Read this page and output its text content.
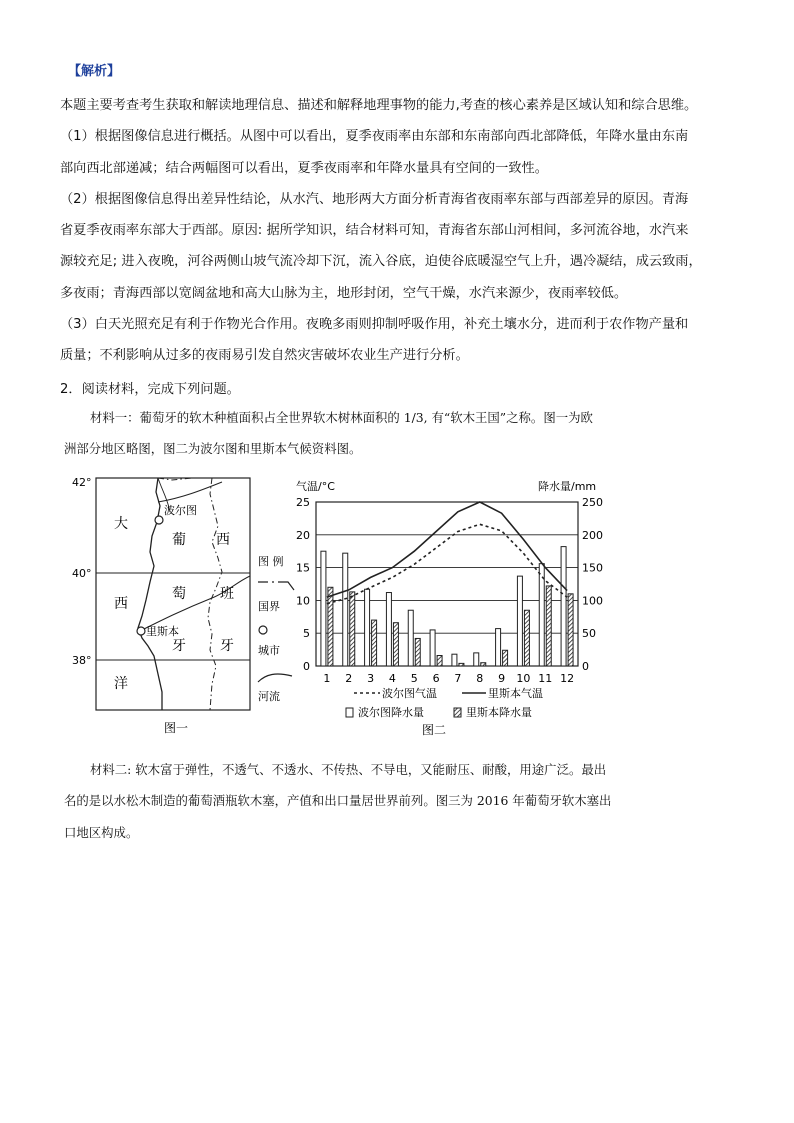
【解析】
本题主要考查考生获取和解读地理信息、描述和解释地理事物的能力,考查的核心素养是区域认知和综合思维。
（1）根据图像信息进行概括。从图中可以看出，夏季夜雨率由东部和东南部向西北部降低，年降水量由东南
部向西北部递减；结合两幅图可以看出，夏季夜雨率和年降水量具有空间的一致性。
（2）根据图像信息得出差异性结论，从水汽、地形两大方面分析青海省夜雨率东部与西部差异的原因。青海
省夏季夜雨率东部大于西部。原因: 据所学知识，结合材料可知，青海省东部山河相间，多河流谷地，水汽来
源较充足; 进入夜晚，河谷两侧山坡气流冷却下沉，流入谷底，迫使谷底暖湿空气上升，遇冷凝结，成云致雨，
多夜雨；青海西部以宽阔盆地和高大山脉为主，地形封闭，空气干燥，水汽来源少，夜雨率较低。
（3）白天光照充足有利于作物光合作用。夜晚多雨则抑制呼吸作用，补充土壤水分，进而利于农作物产量和
质量；不利影响从过多的夜雨易引发自然灾害破坏农业生产进行分析。
2．阅读材料，完成下列问题。
材料一：葡萄牙的软木种植面积占全世界软木树林面积的 1/3, 有“软木王国”之称。图一为欧
洲部分地区略图，图二为波尔图和里斯本气候资料图。
42°
40°
38°
大
西
洋
葡
萄
牙
西
班
牙
波尔图
里斯本
图 例
国界
城市
河流
图一
气温/°C	降水量/mm
25	250
20	200
15	150
10	100
5	50
0	0
1 2 3 4 5 6 7 8 9 10 11 12
波尔图气温	里斯本气温
波尔图降水量	里斯本降水量
图二
材料二: 软木富于弹性，不透气、不透水、不传热、不导电，又能耐压、耐酸，用途广泛。最出
名的是以水松木制造的葡萄酒瓶软木塞，产值和出口量居世界前列。图三为 2016 年葡萄牙软木塞出
口地区构成。
